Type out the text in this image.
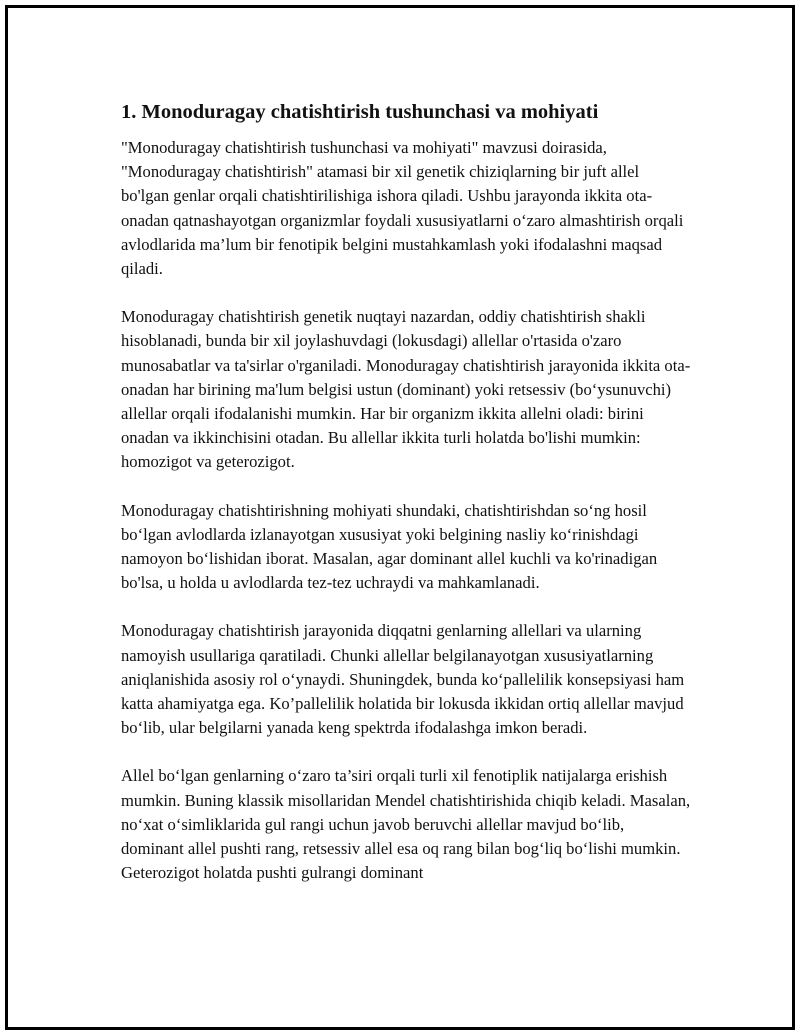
1. Monoduragay chatishtirish tushunchasi va mohiyati

"Monoduragay chatishtirish tushunchasi va mohiyati" mavzusi doirasida, "Monoduragay chatishtirish" atamasi bir xil genetik chiziqlarning bir juft allel bo'lgan genlar orqali chatishtirilishiga ishora qiladi. Ushbu jarayonda ikkita ota-onadan qatnashayotgan organizmlar foydali xususiyatlarni o‘zaro almashtirish orqali avlodlarida ma’lum bir fenotipik belgini mustahkamlash yoki ifodalashni maqsad qiladi.

Monoduragay chatishtirish genetik nuqtayi nazardan, oddiy chatishtirish shakli hisoblanadi, bunda bir xil joylashuvdagi (lokusdagi) allellar o'rtasida o'zaro munosabatlar va ta'sirlar o'rganiladi. Monoduragay chatishtirish jarayonida ikkita ota-onadan har birining ma'lum belgisi ustun (dominant) yoki retsessiv (bo‘ysunuvchi) allellar orqali ifodalanishi mumkin. Har bir organizm ikkita allelni oladi: birini onadan va ikkinchisini otadan. Bu allellar ikkita turli holatda bo'lishi mumkin: homozigot va geterozigot.

Monoduragay chatishtirishning mohiyati shundaki, chatishtirishdan so‘ng hosil bo‘lgan avlodlarda izlanayotgan xususiyat yoki belgining nasliy ko‘rinishdagi namoyon bo‘lishidan iborat. Masalan, agar dominant allel kuchli va ko'rinadigan bo'lsa, u holda u avlodlarda tez-tez uchraydi va mahkamlanadi.

Monoduragay chatishtirish jarayonida diqqatni genlarning allellari va ularning namoyish usullariga qaratiladi. Chunki allellar belgilanayotgan xususiyatlarning aniqlanishida asosiy rol o‘ynaydi. Shuningdek, bunda ko‘pallelilik konsepsiyasi ham katta ahamiyatga ega. Ko’pallelilik holatida bir lokusda ikkidan ortiq allellar mavjud bo‘lib, ular belgilarni yanada keng spektrda ifodalashga imkon beradi.

Allel bo‘lgan genlarning o‘zaro ta’siri orqali turli xil fenotiplik natijalarga erishish mumkin. Buning klassik misollaridan Mendel chatishtirishida chiqib keladi. Masalan, no‘xat o‘simliklarida gul rangi uchun javob beruvchi allellar mavjud bo‘lib, dominant allel pushti rang, retsessiv allel esa oq rang bilan bog‘liq bo‘lishi mumkin. Geterozigot holatda pushti gulrangi dominant
